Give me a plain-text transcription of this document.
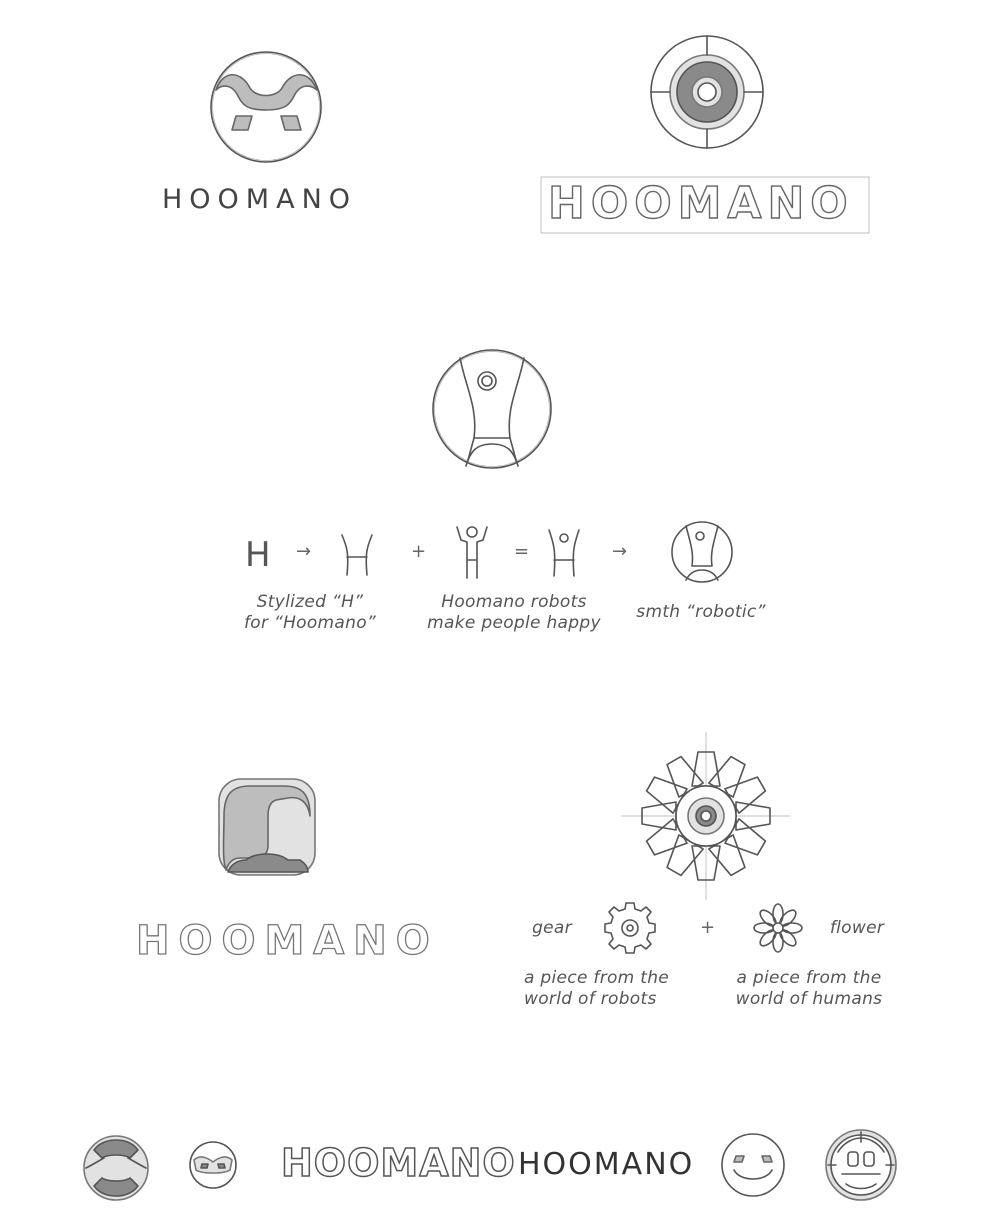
HOOMANO	HOOMANO
H →	+	=	→
Stylized “H”
for “Hoomano”
Hoomano robots
make people happy
smth “robotic”
HOOMANO	gear	+	flower
a piece from the
world of robots
a piece from the
world of humans
HOOMANO HOOMANO
